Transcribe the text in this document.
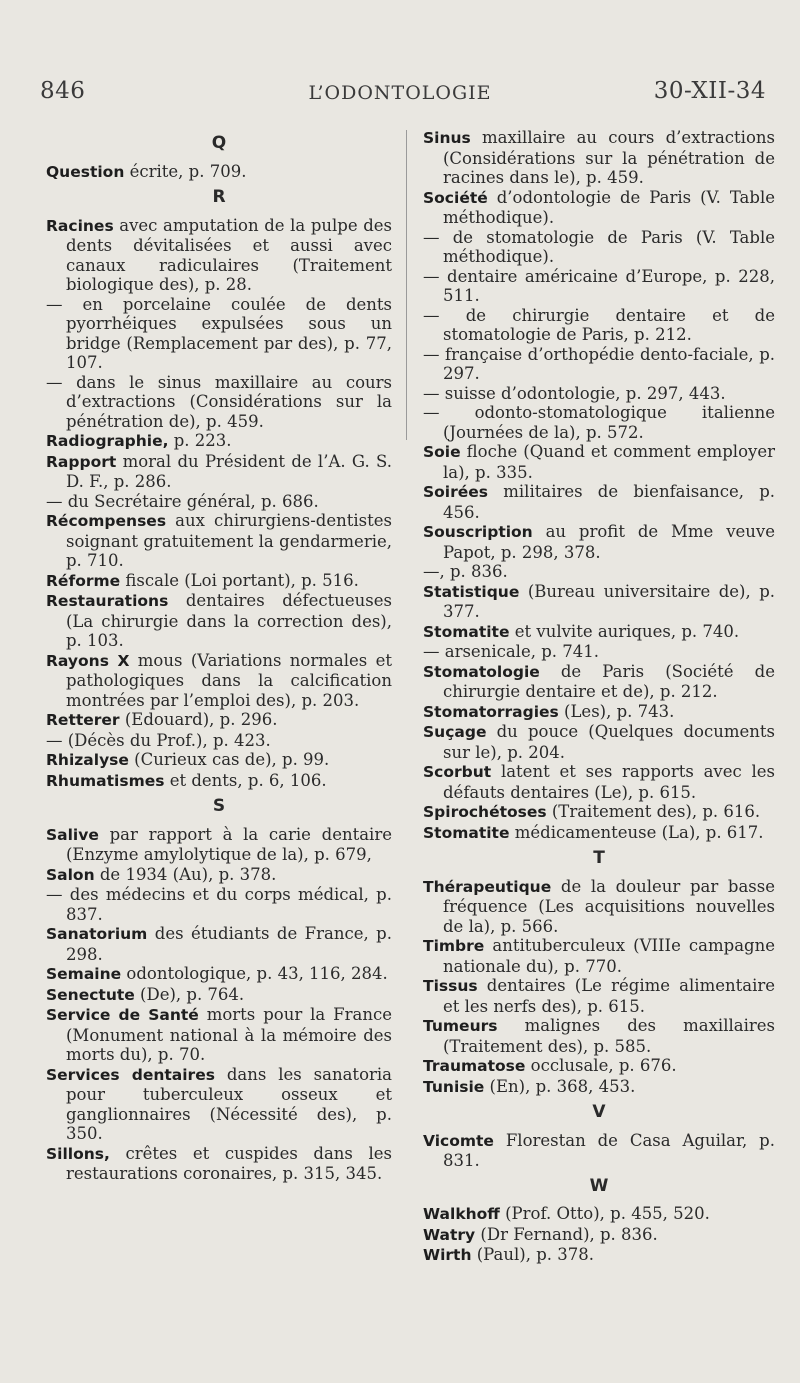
846	L’ODONTOLOGIE	30-XII-34
Q

Question écrite, p. 709.

R

Racines avec amputation de la pulpe des dents dévitalisées et aussi avec canaux radiculaires (Traitement biologique des), p. 28.

— en porcelaine coulée de dents pyorrhéiques expulsées sous un bridge (Remplacement par des), p. 77, 107.

— dans le sinus maxillaire au cours d’extractions (Considérations sur la pénétration de), p. 459.

Radiographie, p. 223.

Rapport moral du Président de l’A. G. S. D. F., p. 286.

— du Secrétaire général, p. 686.

Récompenses aux chirurgiens-dentistes soignant gratuitement la gendarmerie, p. 710.

Réforme fiscale (Loi portant), p. 516.

Restaurations dentaires défectueuses (La chirurgie dans la correction des), p. 103.

Rayons X mous (Variations normales et pathologiques dans la calcification montrées par l’emploi des), p. 203.

Retterer (Edouard), p. 296.

— (Décès du Prof.), p. 423.

Rhizalyse (Curieux cas de), p. 99.

Rhumatismes et dents, p. 6, 106.

S

Salive par rapport à la carie dentaire (Enzyme amylolytique de la), p. 679,

Salon de 1934 (Au), p. 378.

— des médecins et du corps médical, p. 837.

Sanatorium des étudiants de France, p. 298.

Semaine odontologique, p. 43, 116, 284.

Senectute (De), p. 764.

Service de Santé morts pour la France (Monument national à la mémoire des morts du), p. 70.

Services dentaires dans les sanatoria pour tuberculeux osseux et ganglionnaires (Nécessité des), p. 350.

Sillons, crêtes et cuspides dans les restaurations coronaires, p. 315, 345.

Sinus maxillaire au cours d’extractions (Considérations sur la pénétration de racines dans le), p. 459.

Société d’odontologie de Paris (V. Table méthodique).

— de stomatologie de Paris (V. Table méthodique).

— dentaire américaine d’Europe, p. 228, 511.

— de chirurgie dentaire et de stomatologie de Paris, p. 212.

— française d’orthopédie dento-faciale, p. 297.

— suisse d’odontologie, p. 297, 443.

— odonto-stomatologique italienne (Journées de la), p. 572.

Soie floche (Quand et comment employer la), p. 335.

Soirées militaires de bienfaisance, p. 456.

Souscription au profit de Mme veuve Papot, p. 298, 378.

—, p. 836.

Statistique (Bureau universitaire de), p. 377.

Stomatite et vulvite auriques, p. 740.

— arsenicale, p. 741.

Stomatologie de Paris (Société de chirurgie dentaire et de), p. 212.

Stomatorragies (Les), p. 743.

Suçage du pouce (Quelques documents sur le), p. 204.

Scorbut latent et ses rapports avec les défauts dentaires (Le), p. 615.

Spirochétoses (Traitement des), p. 616.

Stomatite médicamenteuse (La), p. 617.

T

Thérapeutique de la douleur par basse fréquence (Les acquisitions nouvelles de la), p. 566.

Timbre antituberculeux (VIIIe campagne nationale du), p. 770.

Tissus dentaires (Le régime alimentaire et les nerfs des), p. 615.

Tumeurs malignes des maxillaires (Traitement des), p. 585.

Traumatose occlusale, p. 676.

Tunisie (En), p. 368, 453.

V

Vicomte Florestan de Casa Aguilar, p. 831.

W

Walkhoff (Prof. Otto), p. 455, 520.

Watry (Dr Fernand), p. 836.

Wirth (Paul), p. 378.
